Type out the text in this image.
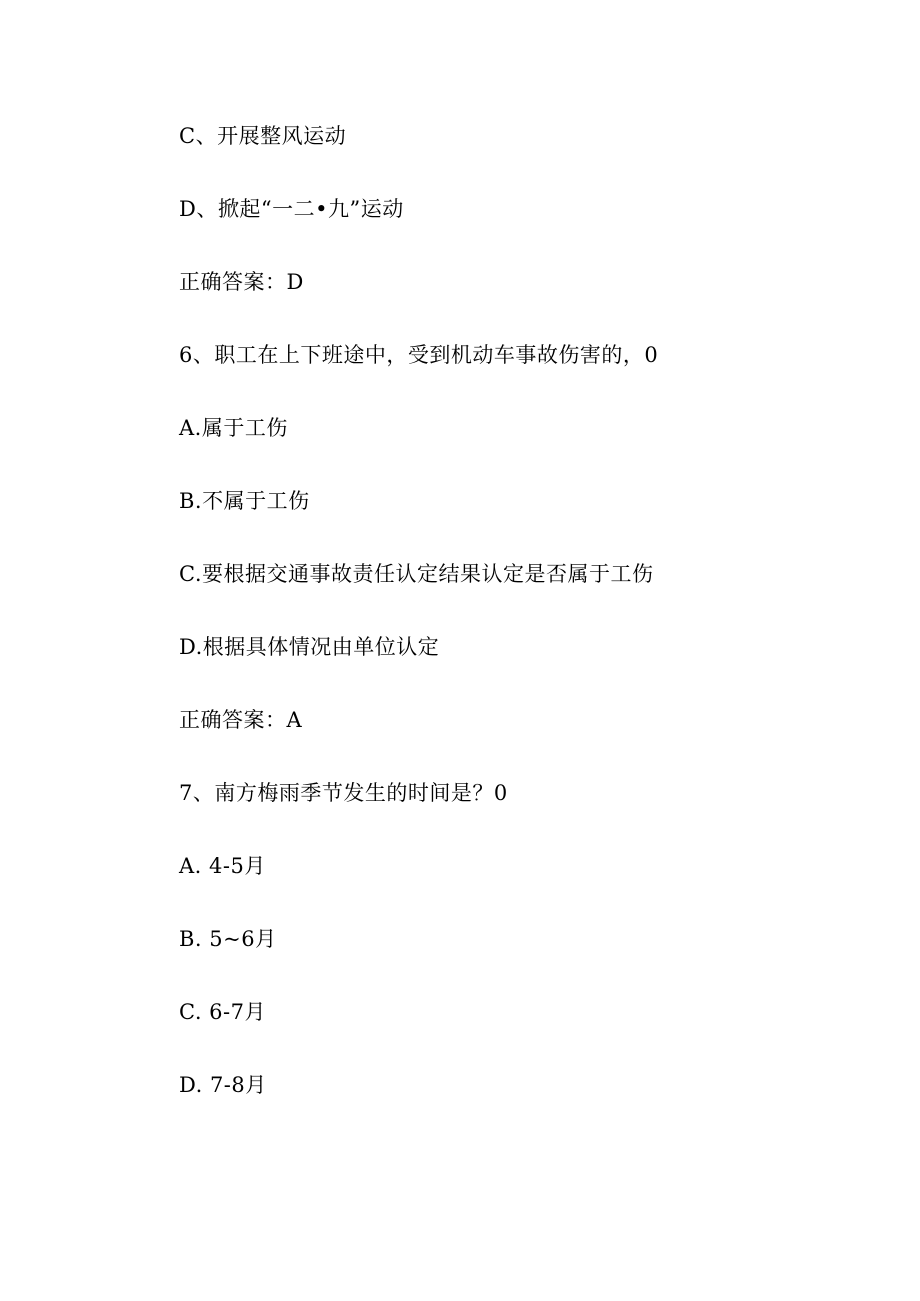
C、开展整风运动
D、掀起“一二•九”运动
正确答案：D
6、职工在上下班途中，受到机动车事故伤害的，0
A.属于工伤
B.不属于工伤
C.要根据交通事故责任认定结果认定是否属于工伤
D.根据具体情况由单位认定
正确答案：A
7、南方梅雨季节发生的时间是？0
A. 4-5月
B. 5~6月
C. 6-7月
D. 7-8月
